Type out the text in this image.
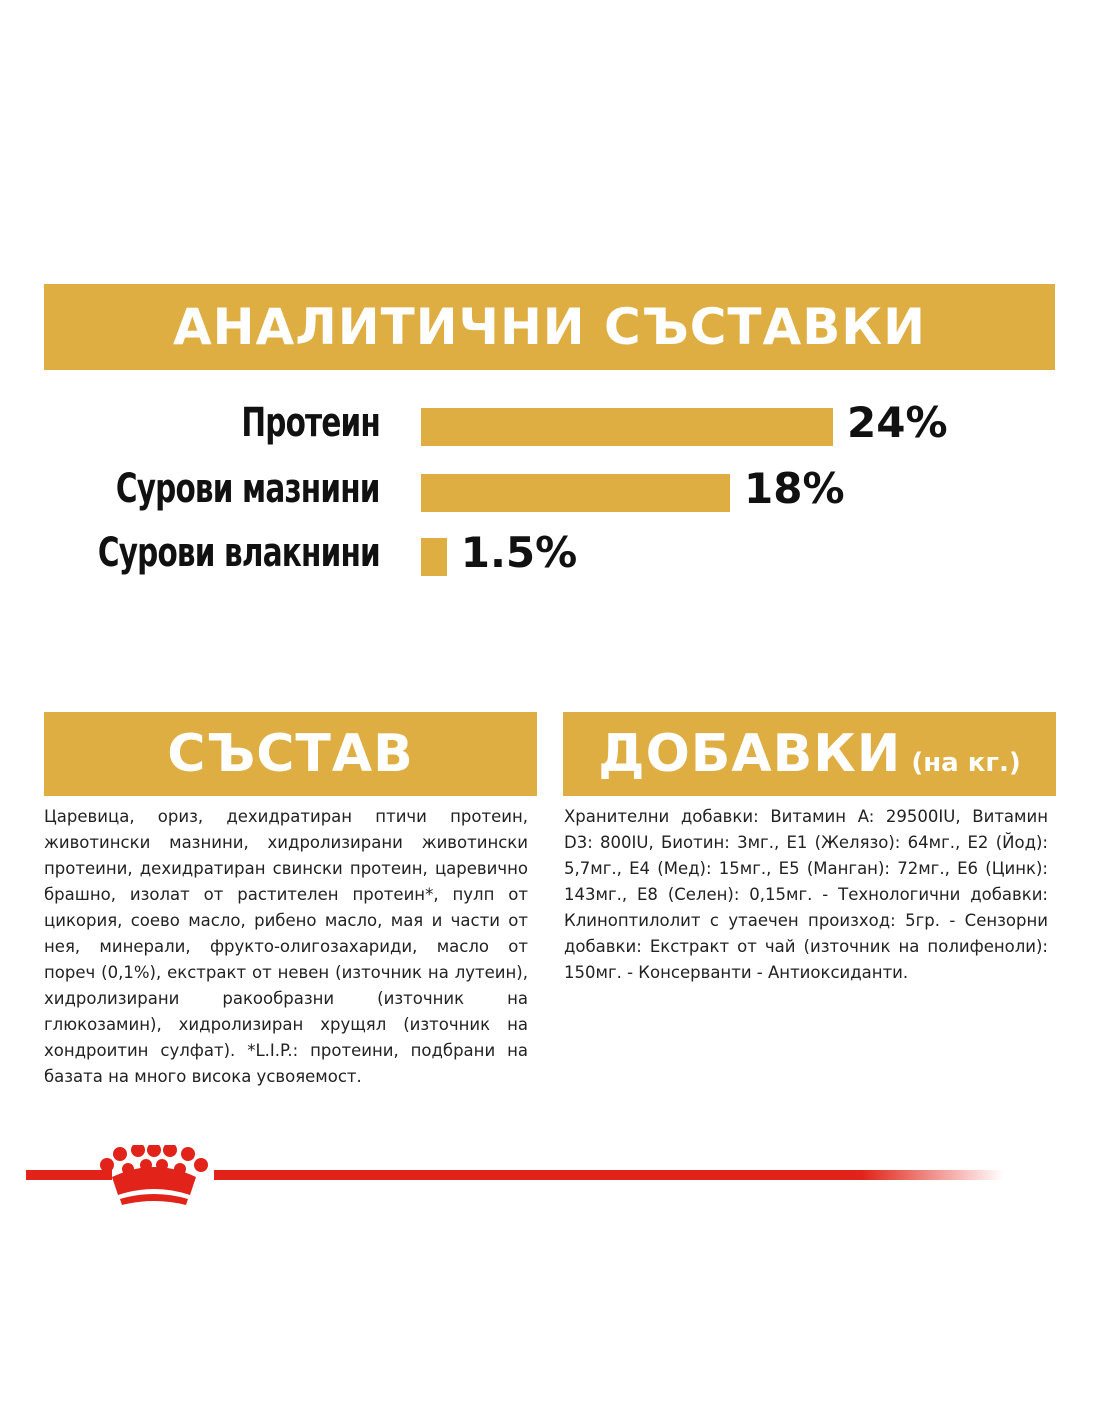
АНАЛИТИЧНИ СЪСТАВКИ
Протеин	24%
Сурови мазнини	18%
Сурови влакнини 1.5%
СЪСТАВ

Царевица, ориз, дехидратиран птичи протеин, животински мазнини, хидролизирани животински протеини, дехидратиран свински протеин, царевично брашно, изолат от растителен протеин*, пулп от цикория, соево масло, рибено масло, мая и части от нея, минерали, фрукто-олигозахариди, масло от пореч (0,1%), екстракт от невен (източник на лутеин), хидролизирани ракообразни (източник на глюкозамин), хидролизиран хрущял (източник на хондроитин сулфат). *L.I.P.: протеини, подбрани на базата на много висока усвояемост.

ДОБАВКИ (на кг.)

Хранителни добавки: Витамин A: 29500IU, Витамин D3: 800IU, Биотин: 3мг., E1 (Желязо): 64мг., E2 (Йод): 5,7мг., E4 (Мед): 15мг., E5 (Манган): 72мг., E6 (Цинк): 143мг., E8 (Селен): 0,15мг. - Технологични добавки: Клиноптилолит с утаечен произход: 5гр. - Сензорни добавки: Екстракт от чай (източник на полифеноли): 150мг. - Консерванти - Антиоксиданти.
